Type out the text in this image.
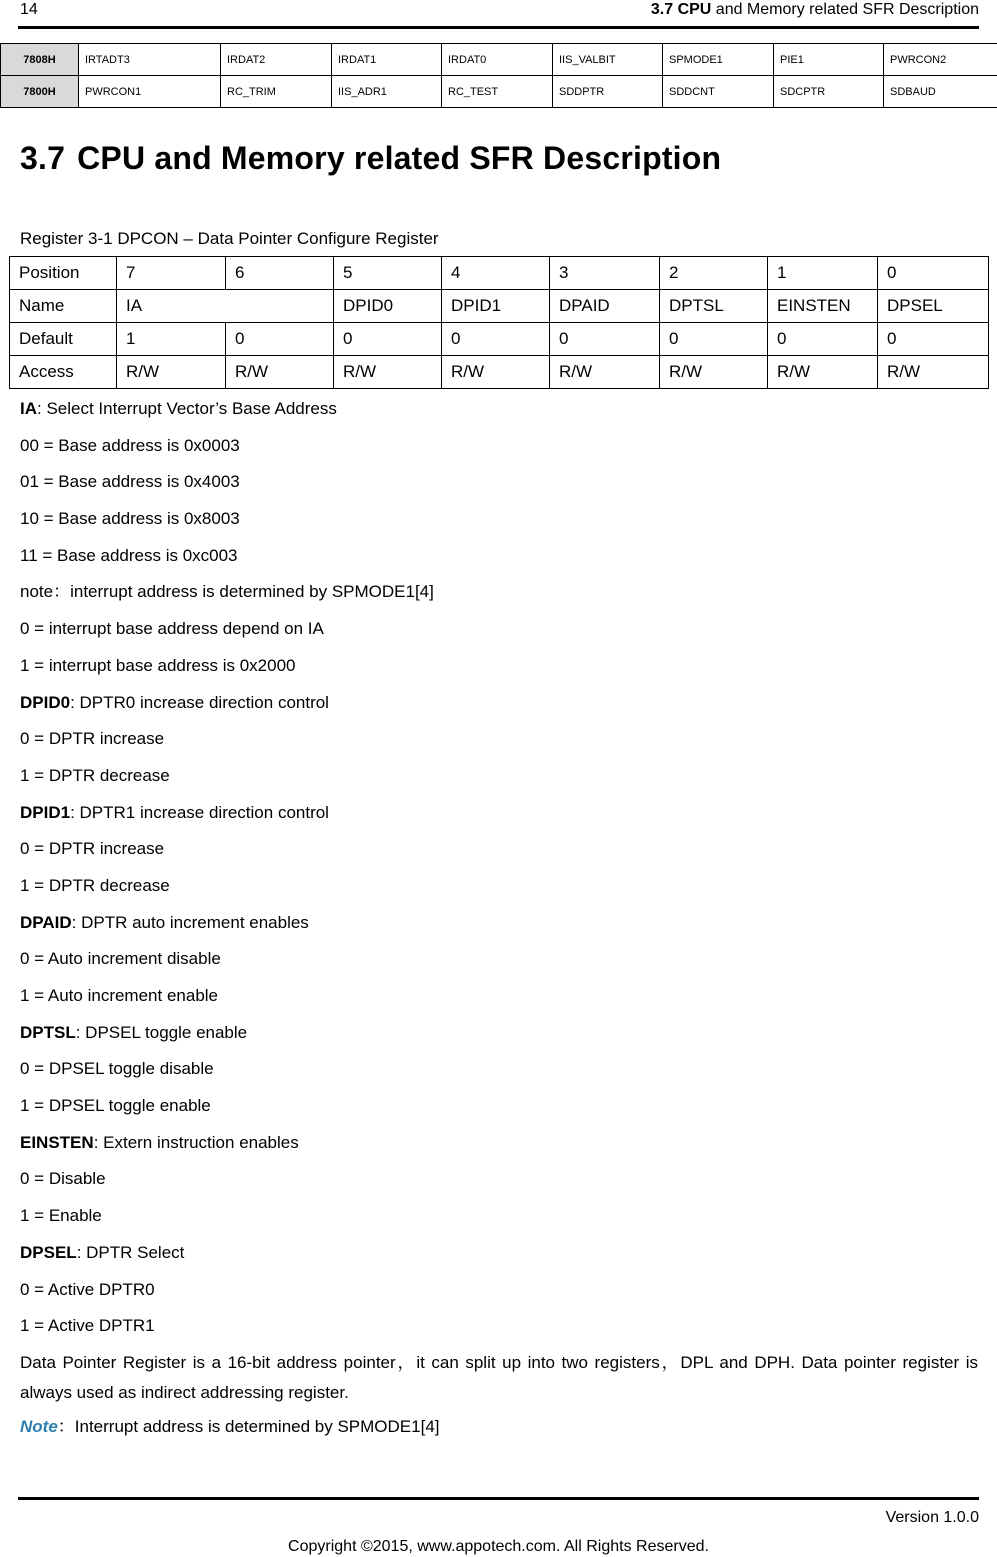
14	3.7 CPU and Memory related SFR Description
7808H	IRTADT3	IRDAT2	IRDAT1	IRDAT0	IIS_VALBIT	SPMODE1	PIE1	PWRCON2
7800H	PWRCON1	RC_TRIM	IIS_ADR1	RC_TEST	SDDPTR	SDDCNT	SDCPTR	SDBAUD
3.7 CPU and Memory related SFR Description
Register 3-1 DPCON – Data Pointer Configure Register
Position	7	6	5	4	3	2	1	0
Name	IA		DPID0	DPID1	DPAID	DPTSL	EINSTEN	DPSEL
Default	1	0	0	0	0	0	0	0
Access	R/W	R/W	R/W	R/W	R/W	R/W	R/W	R/W
IA: Select Interrupt Vector’s Base Address
00 = Base address is 0x0003
01 = Base address is 0x4003
10 = Base address is 0x8003
11 = Base address is 0xc003
note：interrupt address is determined by SPMODE1[4]
0 = interrupt base address depend on IA
1 = interrupt base address is 0x2000
DPID0: DPTR0 increase direction control
0 = DPTR increase
1 = DPTR decrease
DPID1: DPTR1 increase direction control
0 = DPTR increase
1 = DPTR decrease
DPAID: DPTR auto increment enables
0 = Auto increment disable
1 = Auto increment enable
DPTSL: DPSEL toggle enable
0 = DPSEL toggle disable
1 = DPSEL toggle enable
EINSTEN: Extern instruction enables
0 = Disable
1 = Enable
DPSEL: DPTR Select
0 = Active DPTR0
1 = Active DPTR1
Data Pointer Register is a 16-bit address pointer，it can split up into two registers，DPL and DPH. Data pointer register is always used as indirect addressing register.
Note：Interrupt address is determined by SPMODE1[4]
Version 1.0.0
Copyright ©2015, www.appotech.com. All Rights Reserved.
